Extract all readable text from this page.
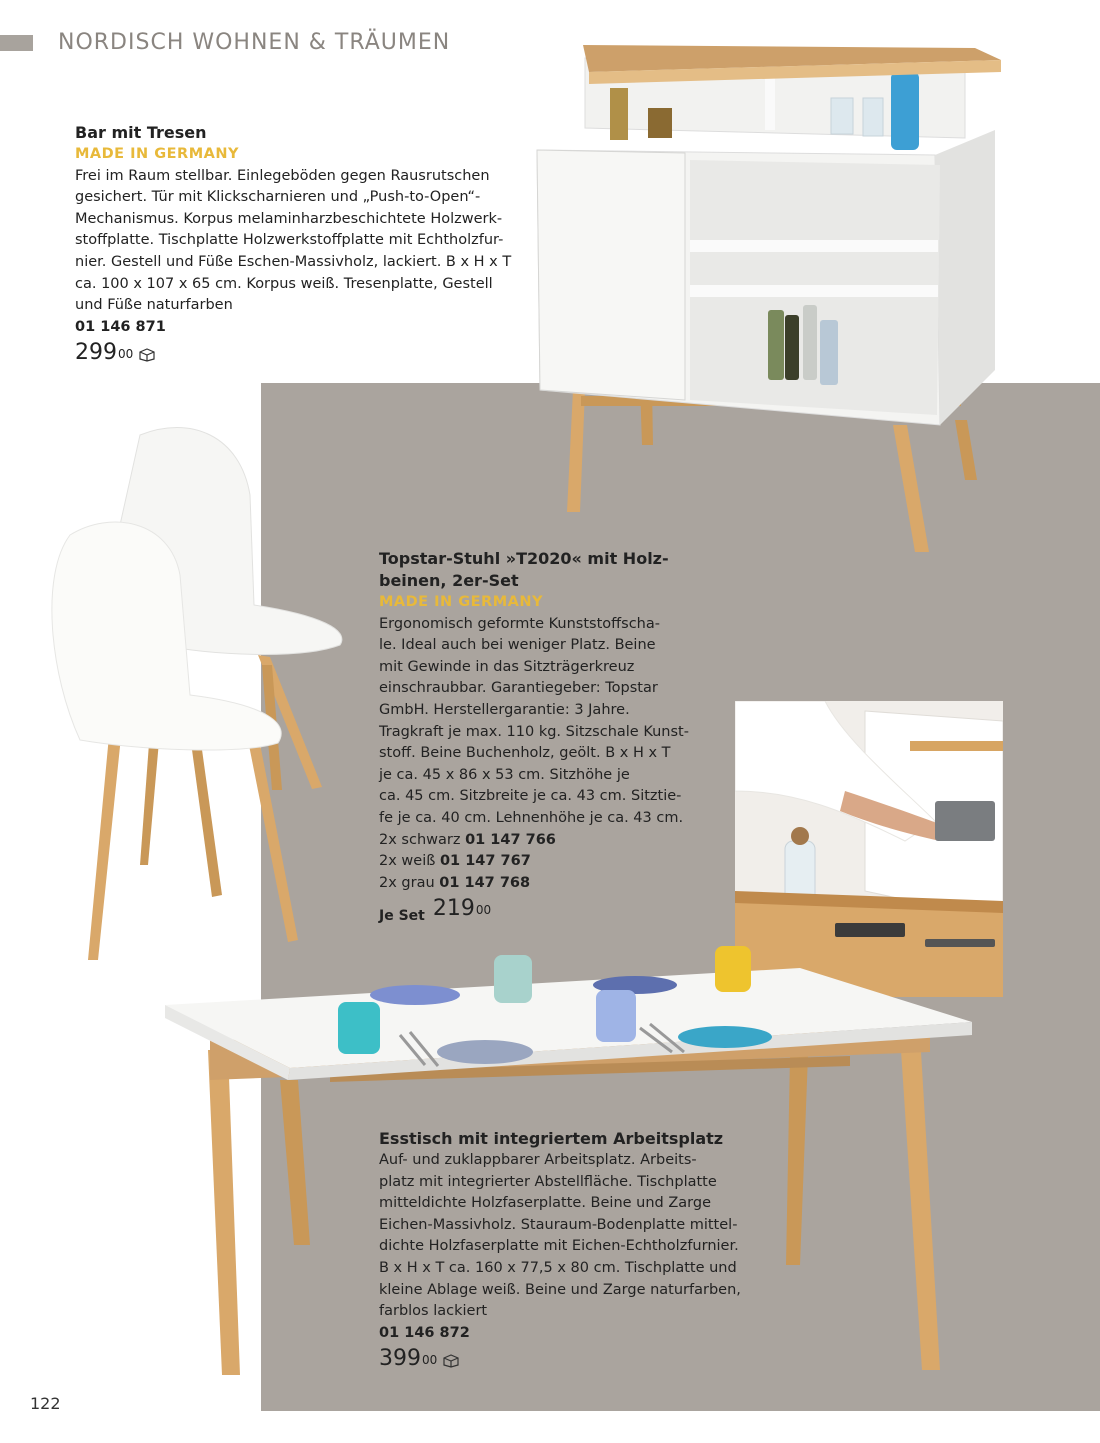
NORDISCH WOHNEN & TRÄUMEN
Bar mit Tresen
MADE IN GERMANY
Frei im Raum stellbar. Einlegeböden gegen Rausrutschen
gesichert. Tür mit Klickscharnieren und „Push-to-Open“-
Mechanismus. Korpus melaminharzbeschichtete Holzwerk-
stoffplatte. Tischplatte Holzwerkstoffplatte mit Echtholzfur-
nier. Gestell und Füße Eschen-Massivholz, lackiert. B x H x T
ca. 100 x 107 x 65 cm. Korpus weiß. Tresenplatte, Gestell
und Füße naturfarben
01 146 871
299 00
Topstar-Stuhl »T2020« mit Holz-
beinen, 2er-Set
MADE IN GERMANY
Ergonomisch geformte Kunststoffscha-
le. Ideal auch bei weniger Platz. Beine
mit Gewinde in das Sitzträgerkreuz
einschraubbar. Garantiegeber: Topstar
GmbH. Herstellergarantie: 3 Jahre.
Tragkraft je max. 110 kg. Sitzschale Kunst-
stoff. Beine Buchenholz, geölt. B x H x T
je ca. 45 x 86 x 53 cm. Sitzhöhe je
ca. 45 cm. Sitzbreite je ca. 43 cm. Sitztie-
fe je ca. 40 cm. Lehnenhöhe je ca. 43 cm.
2x schwarz 01 147 766
2x weiß 01 147 767
2x grau 01 147 768
Je Set 219 00
Esstisch mit integriertem Arbeitsplatz
Auf- und zuklappbarer Arbeitsplatz. Arbeits-
platz mit integrierter Abstellfläche. Tischplatte
mitteldichte Holzfaserplatte. Beine und Zarge
Eichen-Massivholz. Stauraum-Bodenplatte mittel-
dichte Holzfaserplatte mit Eichen-Echtholzfurnier.
B x H x T ca. 160 x 77,5 x 80 cm. Tischplatte und
kleine Ablage weiß. Beine und Zarge naturfarben,
farblos lackiert
01 146 872
399 00
122
